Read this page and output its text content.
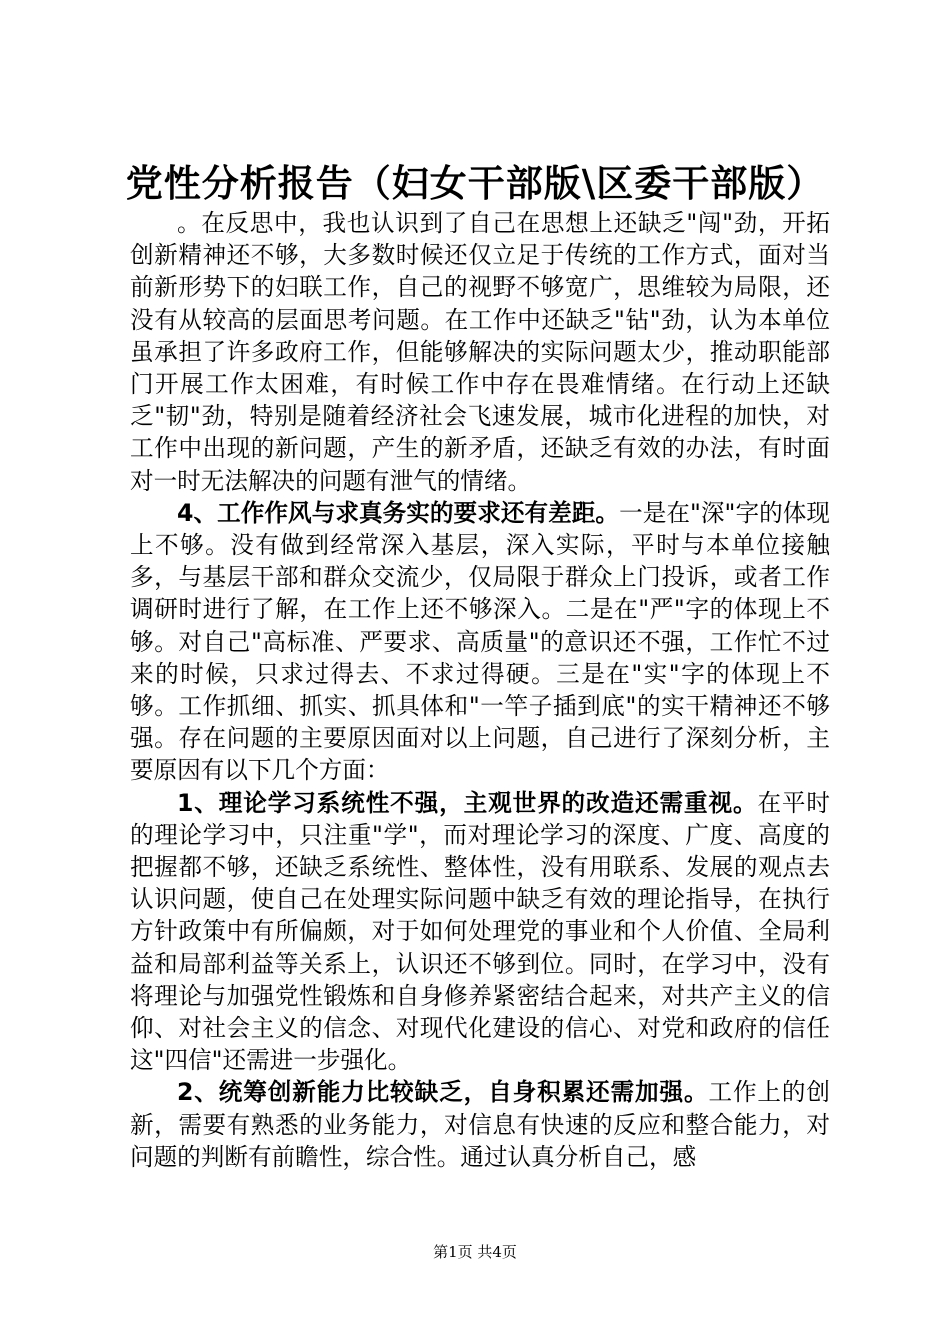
党性分析报告（妇女干部版\区委干部版）

。在反思中，我也认识到了自己在思想上还缺乏"闯"劲，开拓创新精神还不够，大多数时候还仅立足于传统的工作方式，面对当前新形势下的妇联工作，自己的视野不够宽广，思维较为局限，还没有从较高的层面思考问题。在工作中还缺乏"钻"劲，认为本单位虽承担了许多政府工作，但能够解决的实际问题太少，推动职能部门开展工作太困难，有时候工作中存在畏难情绪。在行动上还缺乏"韧"劲，特别是随着经济社会飞速发展，城市化进程的加快，对工作中出现的新问题，产生的新矛盾，还缺乏有效的办法，有时面对一时无法解决的问题有泄气的情绪。

4、工作作风与求真务实的要求还有差距。一是在"深"字的体现上不够。没有做到经常深入基层，深入实际，平时与本单位接触多，与基层干部和群众交流少，仅局限于群众上门投诉，或者工作调研时进行了解，在工作上还不够深入。二是在"严"字的体现上不够。对自己"高标准、严要求、高质量"的意识还不强，工作忙不过来的时候，只求过得去、不求过得硬。三是在"实"字的体现上不够。工作抓细、抓实、抓具体和"一竿子插到底"的实干精神还不够强。存在问题的主要原因面对以上问题，自己进行了深刻分析，主要原因有以下几个方面：

1、理论学习系统性不强，主观世界的改造还需重视。在平时的理论学习中，只注重"学"，而对理论学习的深度、广度、高度的把握都不够，还缺乏系统性、整体性，没有用联系、发展的观点去认识问题，使自己在处理实际问题中缺乏有效的理论指导，在执行方针政策中有所偏颇，对于如何处理党的事业和个人价值、全局利益和局部利益等关系上，认识还不够到位。同时，在学习中，没有将理论与加强党性锻炼和自身修养紧密结合起来，对共产主义的信仰、对社会主义的信念、对现代化建设的信心、对党和政府的信任这"四信"还需进一步强化。

2、统筹创新能力比较缺乏，自身积累还需加强。工作上的创新，需要有熟悉的业务能力，对信息有快速的反应和整合能力，对问题的判断有前瞻性，综合性。通过认真分析自己，感

第1页 共4页
